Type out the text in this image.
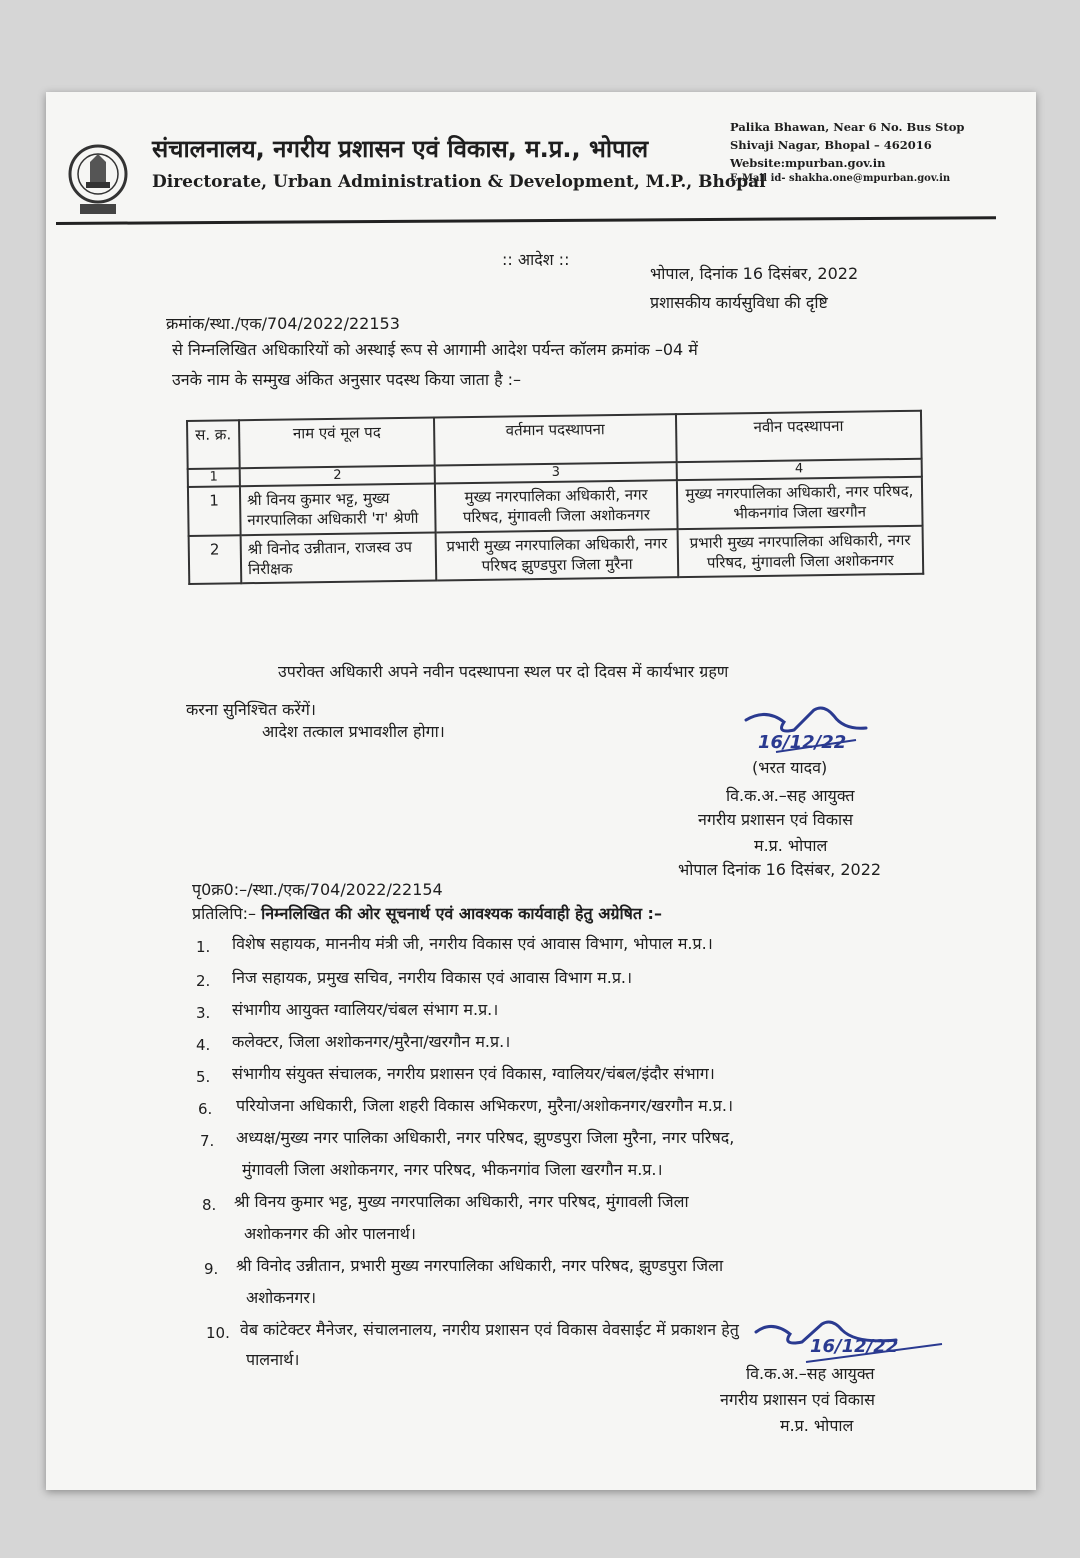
संचालनालय, नगरीय प्रशासन एवं विकास, म.प्र., भोपाल
Directorate, Urban Administration & Development, M.P., Bhopal
Palika Bhawan, Near 6 No. Bus Stop
Shivaji Nagar, Bhopal – 462016
Website:mpurban.gov.in
E-Mail id- shakha.one@mpurban.gov.in
:: आदेश ::
भोपाल, दिनांक 16 दिसंबर, 2022
प्रशासकीय कार्यसुविधा की दृष्टि
क्रमांक/स्था./एक/704/2022/22153
से निम्नलिखित अधिकारियों को अस्थाई रूप से आगामी आदेश पर्यन्त कॉलम क्रमांक –04 में
उनके नाम के सम्मुख अंकित अनुसार पदस्थ किया जाता है :–
स. क्र.	नाम एवं मूल पद	वर्तमान पदस्थापना	नवीन पदस्थापना
1	2	3	4
1	श्री विनय कुमार भट्ट, मुख्य नगरपालिका अधिकारी 'ग' श्रेणी	मुख्य नगरपालिका अधिकारी, नगर परिषद, मुंगावली जिला अशोकनगर	मुख्य नगरपालिका अधिकारी, नगर परिषद, भीकनगांव जिला खरगौन
2	श्री विनोद उन्नीतान, राजस्व उप निरीक्षक	प्रभारी मुख्य नगरपालिका अधिकारी, नगर परिषद झुण्डपुरा जिला मुरैना	प्रभारी मुख्य नगरपालिका अधिकारी, नगर परिषद, मुंगावली जिला अशोकनगर
उपरोक्त अधिकारी अपने नवीन पदस्थापना स्थल पर दो दिवस में कार्यभार ग्रहण
करना सुनिश्चित करेंगें।
आदेश तत्काल प्रभावशील होगा।
16/12/22
(भरत यादव)
वि.क.अ.–सह आयुक्त
नगरीय प्रशासन एवं विकास
म.प्र. भोपाल
भोपाल दिनांक 16 दिसंबर, 2022
पृ0क्र0:–/स्था./एक/704/2022/22154
प्रतिलिपि:– निम्नलिखित की ओर सूचनार्थ एवं आवश्यक कार्यवाही हेतु अग्रेषित :–
1. विशेष सहायक, माननीय मंत्री जी, नगरीय विकास एवं आवास विभाग, भोपाल म.प्र.।
2. निज सहायक, प्रमुख सचिव, नगरीय विकास एवं आवास विभाग म.प्र.।
3. संभागीय आयुक्त ग्वालियर/चंबल संभाग म.प्र.।
4. कलेक्टर, जिला अशोकनगर/मुरैना/खरगौन म.प्र.।
5. संभागीय संयुक्त संचालक, नगरीय प्रशासन एवं विकास, ग्वालियर/चंबल/इंदौर संभाग।
6. परियोजना अधिकारी, जिला शहरी विकास अभिकरण, मुरैना/अशोकनगर/खरगौन म.प्र.।
7. अध्यक्ष/मुख्य नगर पालिका अधिकारी, नगर परिषद, झुण्डपुरा जिला मुरैना, नगर परिषद,
मुंगावली जिला अशोकनगर, नगर परिषद, भीकनगांव जिला खरगौन म.प्र.।
8. श्री विनय कुमार भट्ट, मुख्य नगरपालिका अधिकारी, नगर परिषद, मुंगावली जिला
अशोकनगर की ओर पालनार्थ।
9. श्री विनोद उन्नीतान, प्रभारी मुख्य नगरपालिका अधिकारी, नगर परिषद, झुण्डपुरा जिला
अशोकनगर।
10. वेब कांटेक्टर मैनेजर, संचालनालय, नगरीय प्रशासन एवं विकास वेवसाईट में प्रकाशन हेतु
पालनार्थ।
16/12/22
वि.क.अ.–सह आयुक्त
नगरीय प्रशासन एवं विकास
म.प्र. भोपाल
